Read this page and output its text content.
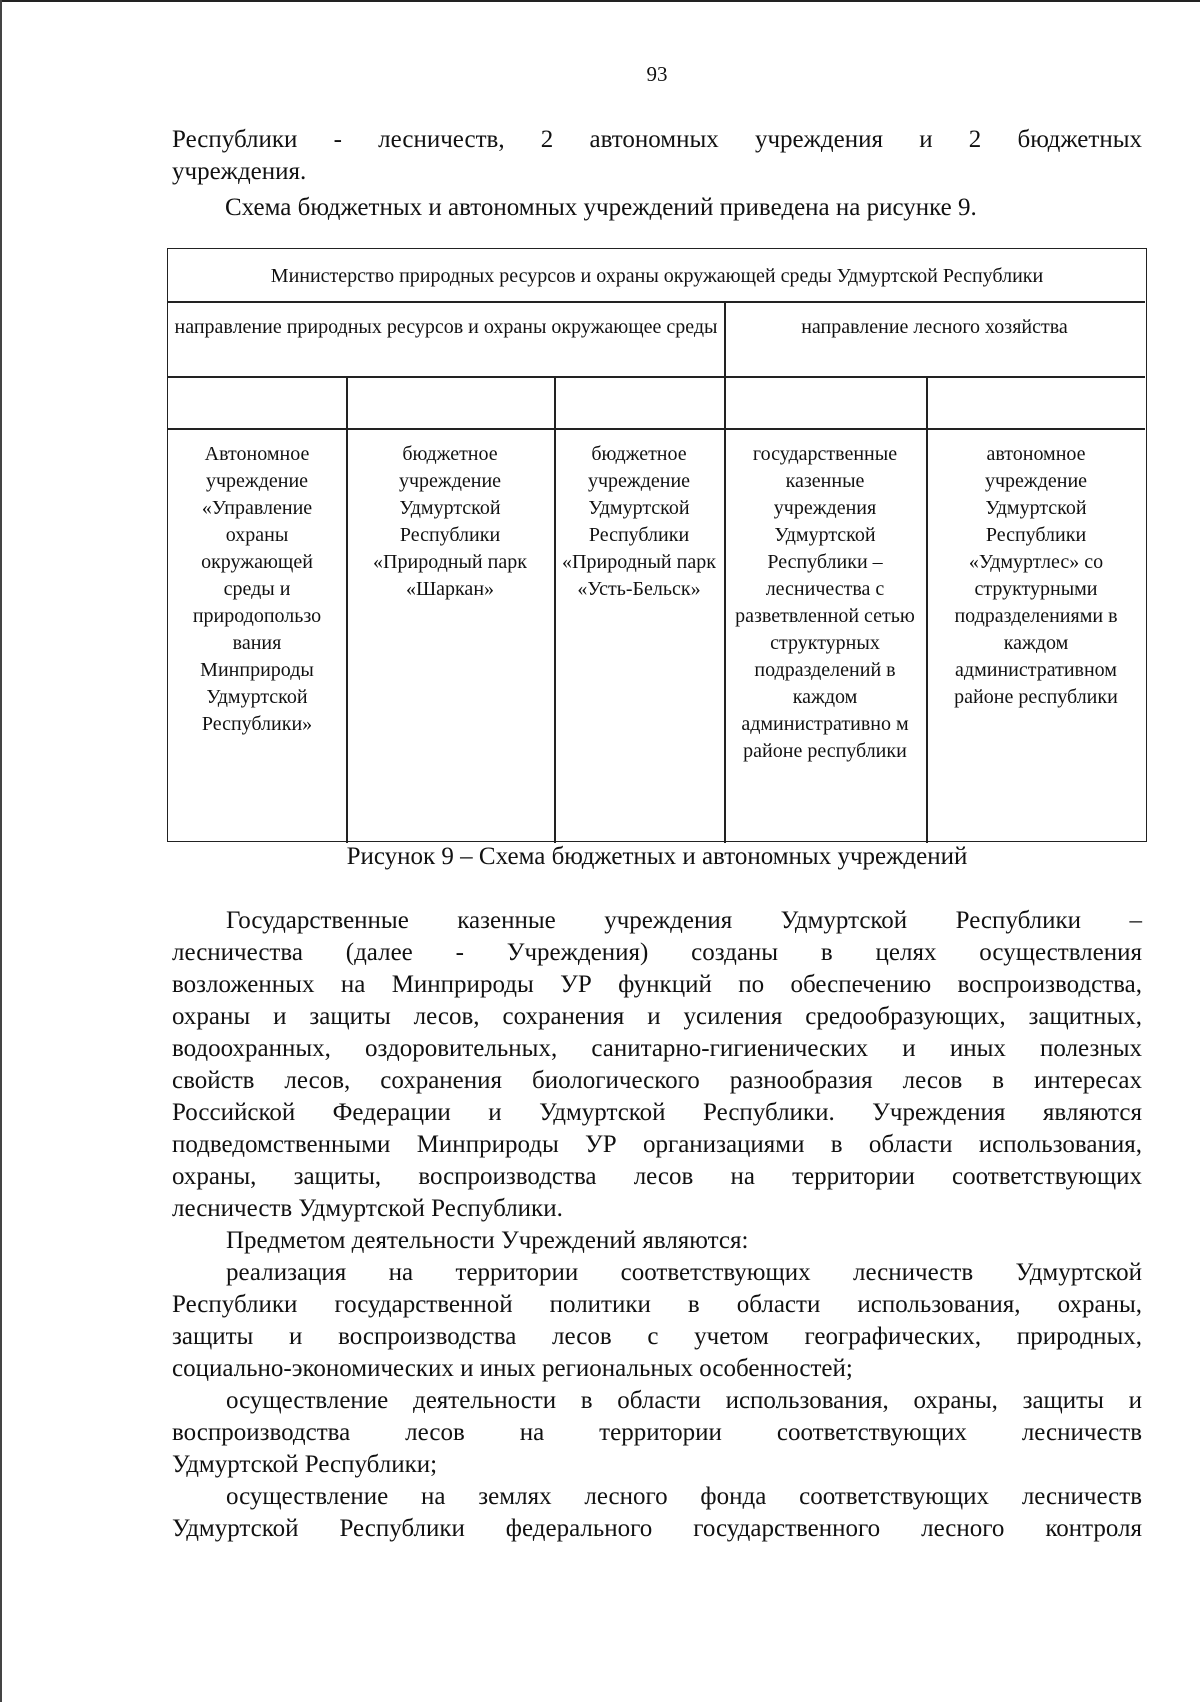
93

Республики - лесничеств, 2 автономных учреждения и 2 бюджетных

учреждения.

Схема бюджетных и автономных учреждений приведена на рисунке 9.
Министерство природных ресурсов и охраны окружающей среды Удмуртской Республики
направление природных ресурсов и охраны окружающее среды	направление лесного хозяйства
Автономное учреждение «Управление охраны окружающей среды и природопользо вания Минприроды Удмуртской Республики»
бюджетное учреждение Удмуртской Республики «Природный парк «Шаркан»
бюджетное учреждение Удмуртской Республики «Природный парк «Усть-Бельск»
государственные казенные учреждения Удмуртской Республики – лесничества с разветвленной сетью структурных подразделений в каждом административно м районе республики
автономное учреждение Удмуртской Республики «Удмуртлес» со структурными подразделениями в каждом административном районе республики
Рисунок 9 – Схема бюджетных и автономных учреждений

Государственные казенные учреждения Удмуртской Республики –

лесничества (далее - Учреждения) созданы в целях осуществления

возложенных на Минприроды УР функций по обеспечению воспроизводства,

охраны и защиты лесов, сохранения и усиления средообразующих, защитных,

водоохранных, оздоровительных, санитарно-гигиенических и иных полезных

свойств лесов, сохранения биологического разнообразия лесов в интересах

Российской Федерации и Удмуртской Республики. Учреждения являются

подведомственными Минприроды УР организациями в области использования,

охраны, защиты, воспроизводства лесов на территории соответствующих

лесничеств Удмуртской Республики.

Предметом деятельности Учреждений являются:

реализация на территории соответствующих лесничеств Удмуртской

Республики государственной политики в области использования, охраны,

защиты и воспроизводства лесов с учетом географических, природных,

социально-экономических и иных региональных особенностей;

осуществление деятельности в области использования, охраны, защиты и

воспроизводства лесов на территории соответствующих лесничеств

Удмуртской Республики;

осуществление на землях лесного фонда соответствующих лесничеств

Удмуртской Республики федерального государственного лесного контроля
